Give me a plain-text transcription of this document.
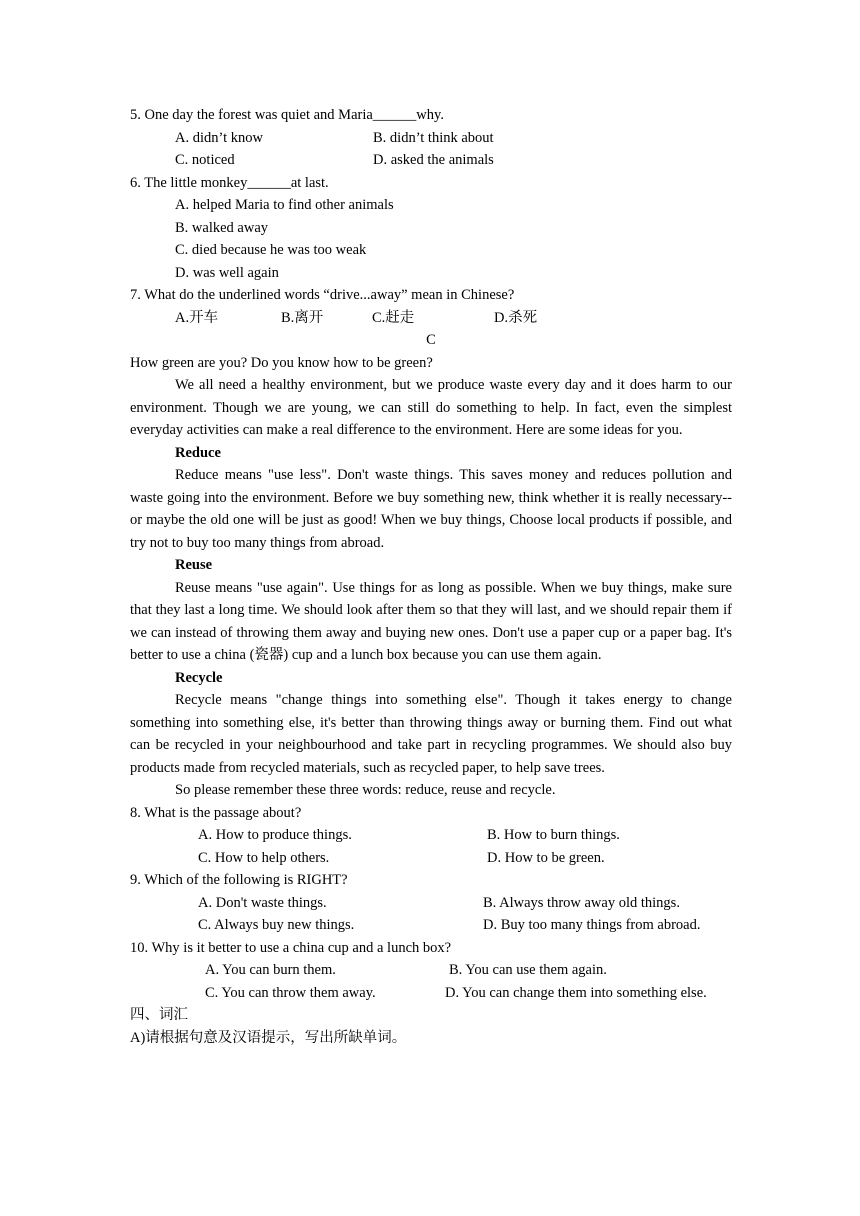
5. One day the forest was quiet and Maria______why.
A. didn’t know	B. didn’t think about
C. noticed	D. asked the animals
6. The little monkey______at last.
A. helped Maria to find other animals
B. walked away
C. died because he was too weak
D. was well again
7. What do the underlined words “drive...away” mean in Chinese?
A.开车	B.离开	C.赶走	D.杀死
C
How green are you? Do you know how to be green?
We all need a healthy environment, but we produce waste every day and it does harm to our environment. Though we are young, we can still do something to help. In fact, even the simplest everyday activities can make a real difference to the environment. Here are some ideas for you.
Reduce
Reduce means "use less". Don't waste things. This saves money and reduces pollution and waste going into the environment. Before we buy something new, think whether it is really necessary--or maybe the old one will be just as good! When we buy things, Choose local products if possible, and try not to buy too many things from abroad.
Reuse
Reuse means "use again". Use things for as long as possible. When we buy things, make sure that they last a long time. We should look after them so that they will last, and we should repair them if we can instead of throwing them away and buying new ones. Don't use a paper cup or a paper bag. It's better to use a china (瓷器) cup and a lunch box because you can use them again.
Recycle
Recycle means "change things into something else". Though it takes energy to change something into something else, it's better than throwing things away or burning them. Find out what can be recycled in your neighbourhood and take part in recycling programmes. We should also buy products made from recycled materials, such as recycled paper, to help save trees.
So please remember these three words: reduce, reuse and recycle.
8. What is the passage about?
A. How to produce things.	B. How to burn things.
C. How to help others.	D. How to be green.
9. Which of the following is RIGHT?
A. Don't waste things.	B. Always throw away old things.
C. Always buy new things.	D. Buy too many things from abroad.
10. Why is it better to use a china cup and a lunch box?
A. You can burn them.	B. You can use them again.
C. You can throw them away.	D. You can change them into something else.
四、词汇
A)请根据句意及汉语提示，写出所缺单词。
